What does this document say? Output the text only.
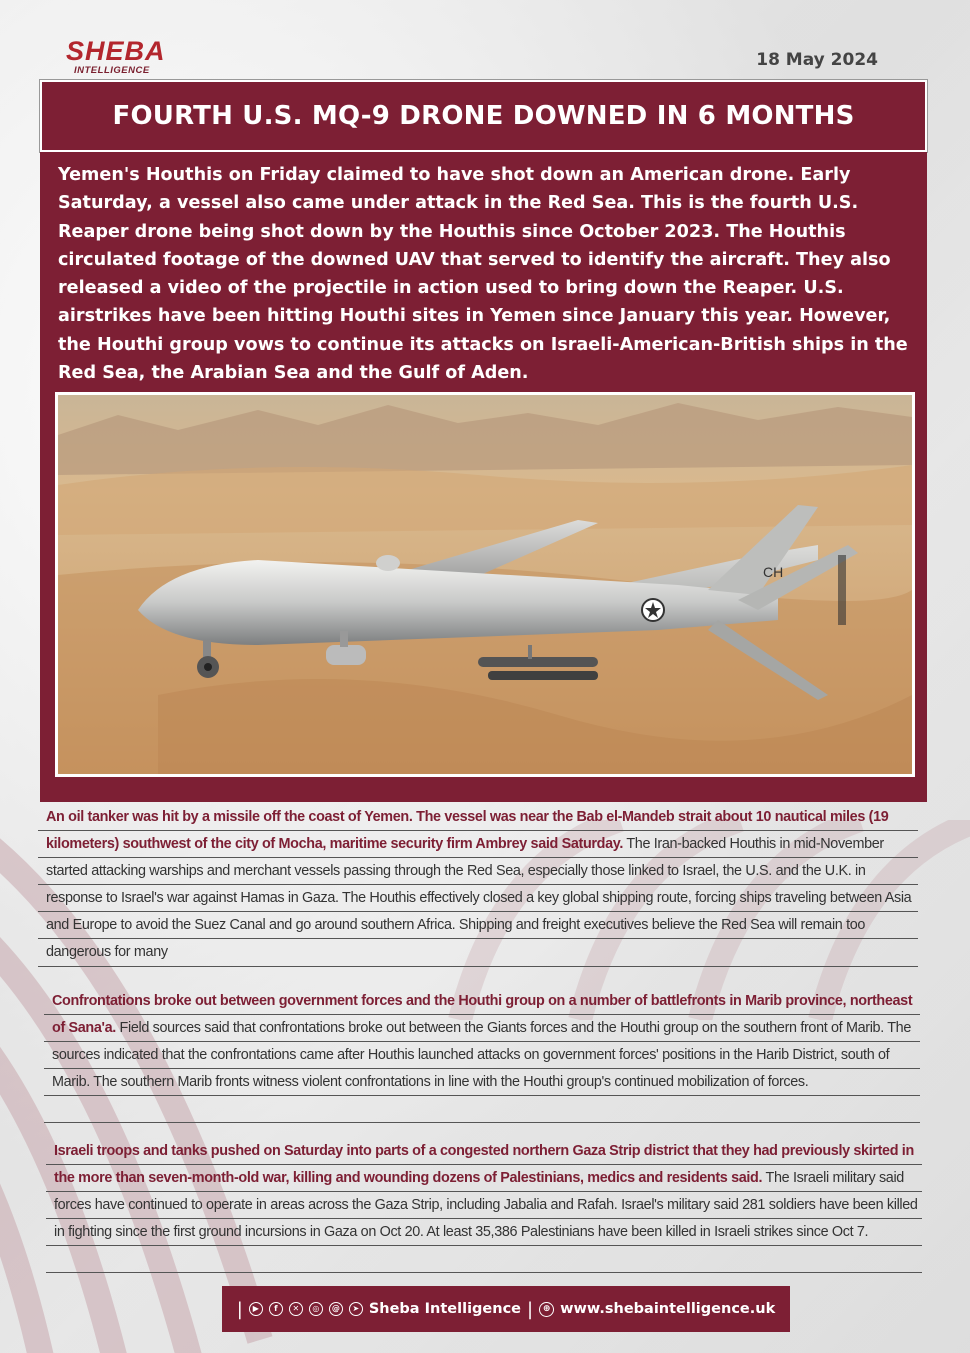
SHEBA
INTELLIGENCE
18 May 2024
FOURTH U.S. MQ-9 DRONE DOWNED IN 6 MONTHS
Yemen's Houthis on Friday claimed to have shot down an American drone. Early Saturday, a vessel also came under attack in the Red Sea. This is the fourth U.S. Reaper drone being shot down by the Houthis since October 2023. The Houthis circulated footage of the downed UAV that served to identify the aircraft. They also released a video of the projectile in action used to bring down the Reaper. U.S. airstrikes have been hitting Houthi sites in Yemen since January this year. However, the Houthi group vows to continue its attacks on Israeli-American-British ships in the Red Sea, the Arabian Sea and the Gulf of Aden.
CH

An oil tanker was hit by a missile off the coast of Yemen. The vessel was near the Bab el-Mandeb strait about 10 nautical miles (19 kilometers) southwest of the city of Mocha, maritime security firm Ambrey said Saturday. The Iran-backed Houthis in mid-November started attacking warships and merchant vessels passing through the Red Sea, especially those linked to Israel, the U.S. and the U.K. in response to Israel's war against Hamas in Gaza. The Houthis effectively closed a key global shipping route, forcing ships traveling between Asia and Europe to avoid the Suez Canal and go around southern Africa. Shipping and freight executives believe the Red Sea will remain too dangerous for many

Confrontations broke out between government forces and the Houthi group on a number of battlefronts in Marib province, northeast of Sana'a. Field sources said that confrontations broke out between the Giants forces and the Houthi group on the southern front of Marib. The sources indicated that the confrontations came after Houthis launched attacks on government forces' positions in the Harib District, south of Marib. The southern Marib fronts witness violent confrontations in line with the Houthi group's continued mobilization of forces.

Israeli troops and tanks pushed on Saturday into parts of a congested northern Gaza Strip district that they had previously skirted in the more than seven-month-old war, killing and wounding dozens of Palestinians, medics and residents said. The Israeli military said forces have continued to operate in areas across the Gaza Strip, including Jabalia and Rafah. Israel's military said 281 soldiers have been killed in fighting since the first ground incursions in Gaza on Oct 20. At least 35,386 Palestinians have been killed in Israeli strikes since Oct 7.

|	▶	f	✕	◎	@	➤ Sheba Intelligence |	⊕ www.shebaintelligence.uk
